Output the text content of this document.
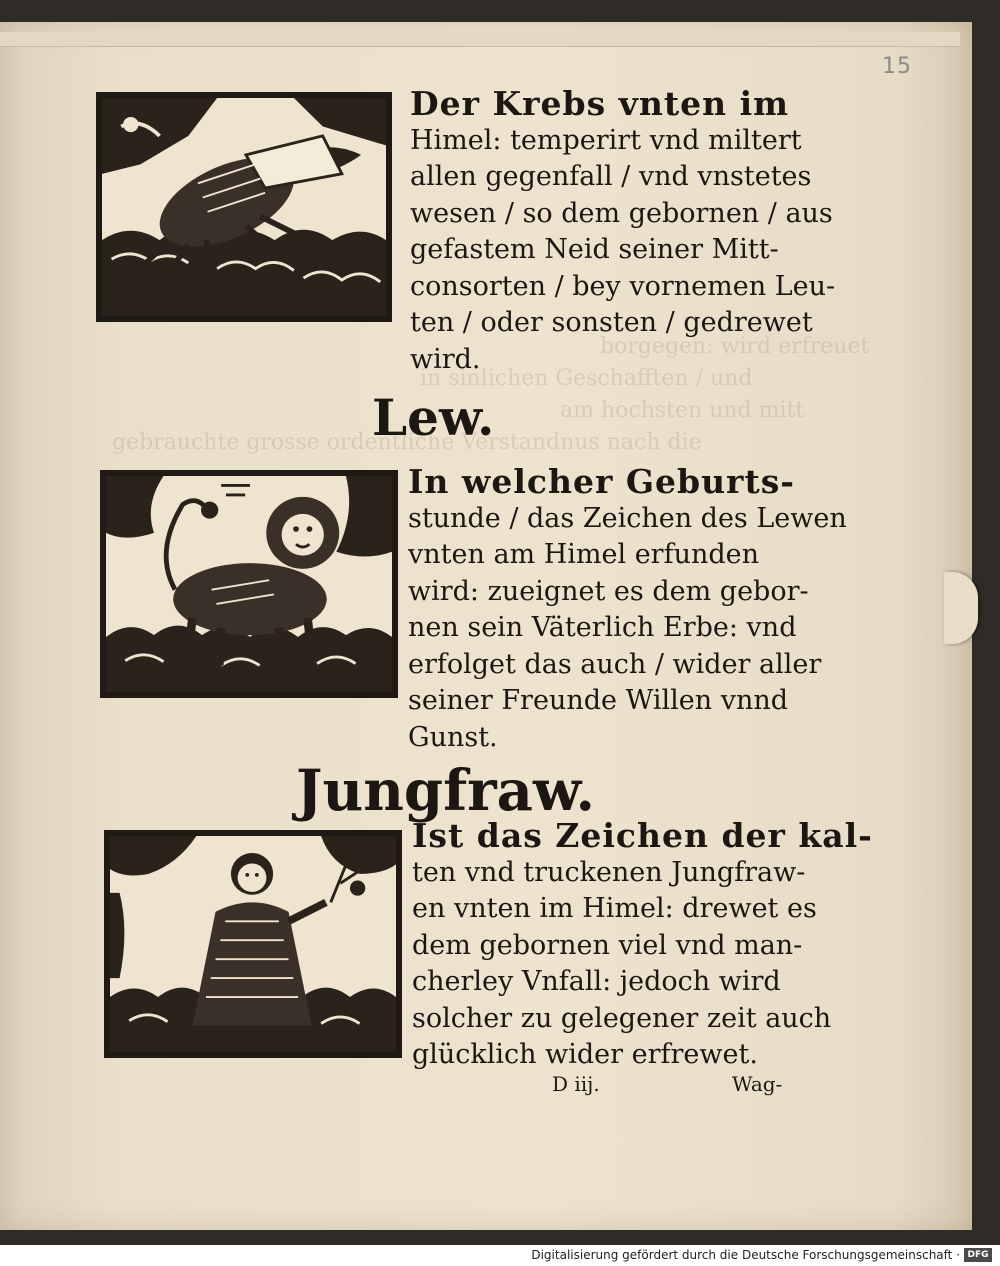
15
borgegen: wird erfreuet
in sinlichen Geschafften / und
am hochsten und mitt
gebrauchte grosse ordentliche Verstandnus nach die
Der Krebs vnten im
Himel: temperirt vnd miltert
allen gegenfall / vnd vnstetes
wesen / so dem gebornen / aus
gefastem Neid seiner Mitt-
consorten / bey vornemen Leu-
ten / oder sonsten / gedrewet
wird.
Lew.
In welcher Geburts-
stunde / das Zeichen des Lewen
vnten am Himel erfunden
wird: zueignet es dem gebor-
nen sein Väterlich Erbe: vnd
erfolget das auch / wider aller
seiner Freunde Willen vnnd
Gunst.
Jungfraw.
Ist das Zeichen der kal-
ten vnd truckenen Jungfraw-
en vnten im Himel: drewet es
dem gebornen viel vnd man-
cherley Vnfall: jedoch wird
solcher zu gelegener zeit auch
glücklich wider erfrewet.
D iij.	Wag-
Digitalisierung gefördert durch die Deutsche Forschungsgemeinschaft · DFG
